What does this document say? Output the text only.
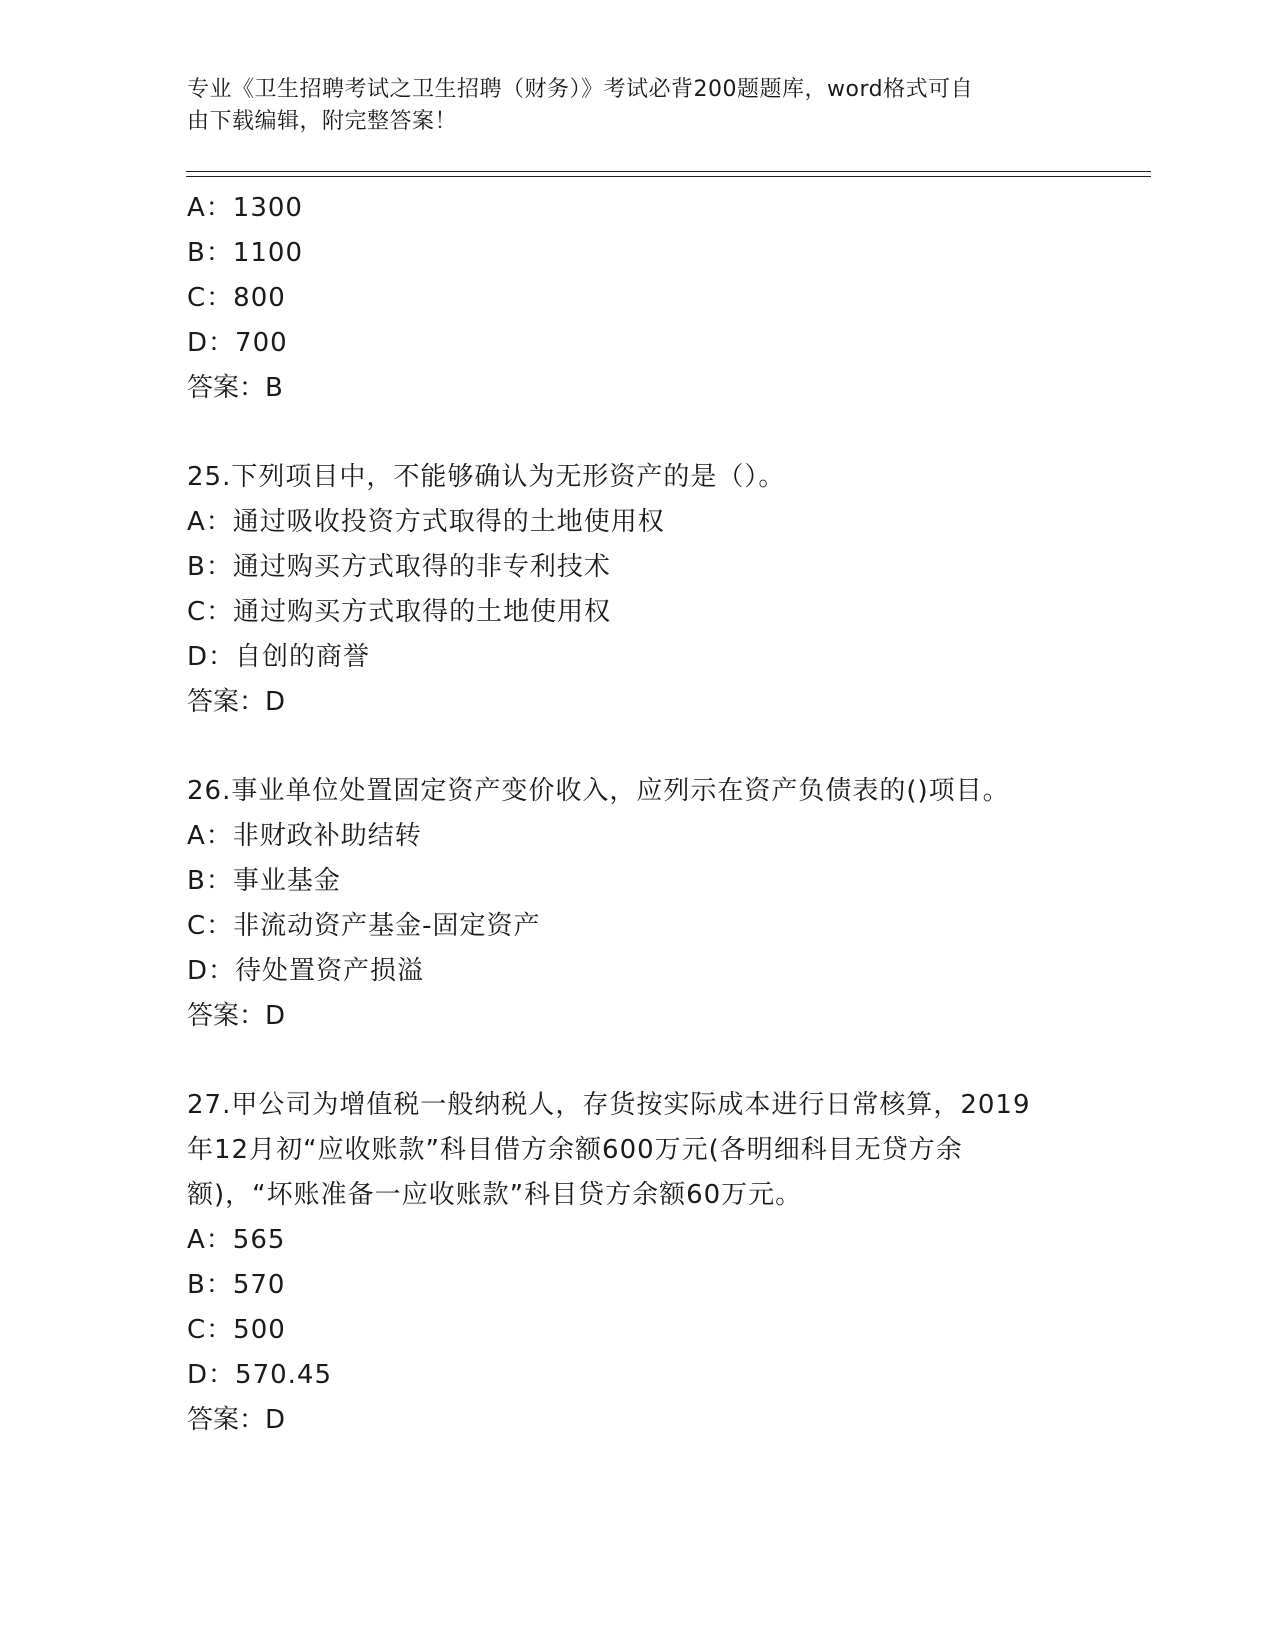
专业《卫生招聘考试之卫生招聘（财务）》考试必背200题题库，word格式可自
由下载编辑，附完整答案！
A：1300
B：1100
C：800
D：700
答案：B
25.下列项目中，不能够确认为无形资产的是（）。
A：通过吸收投资方式取得的土地使用权
B：通过购买方式取得的非专利技术
C：通过购买方式取得的土地使用权
D：自创的商誉
答案：D
26.事业单位处置固定资产变价收入，应列示在资产负债表的()项目。
A：非财政补助结转
B：事业基金
C：非流动资产基金-固定资产
D：待处置资产损溢
答案：D
27.甲公司为增值税一般纳税人，存货按实际成本进行日常核算，2019
年12月初“应收账款”科目借方余额600万元(各明细科目无贷方余
额)，“坏账准备一应收账款”科目贷方余额60万元。
A：565
B：570
C：500
D：570.45
答案：D
